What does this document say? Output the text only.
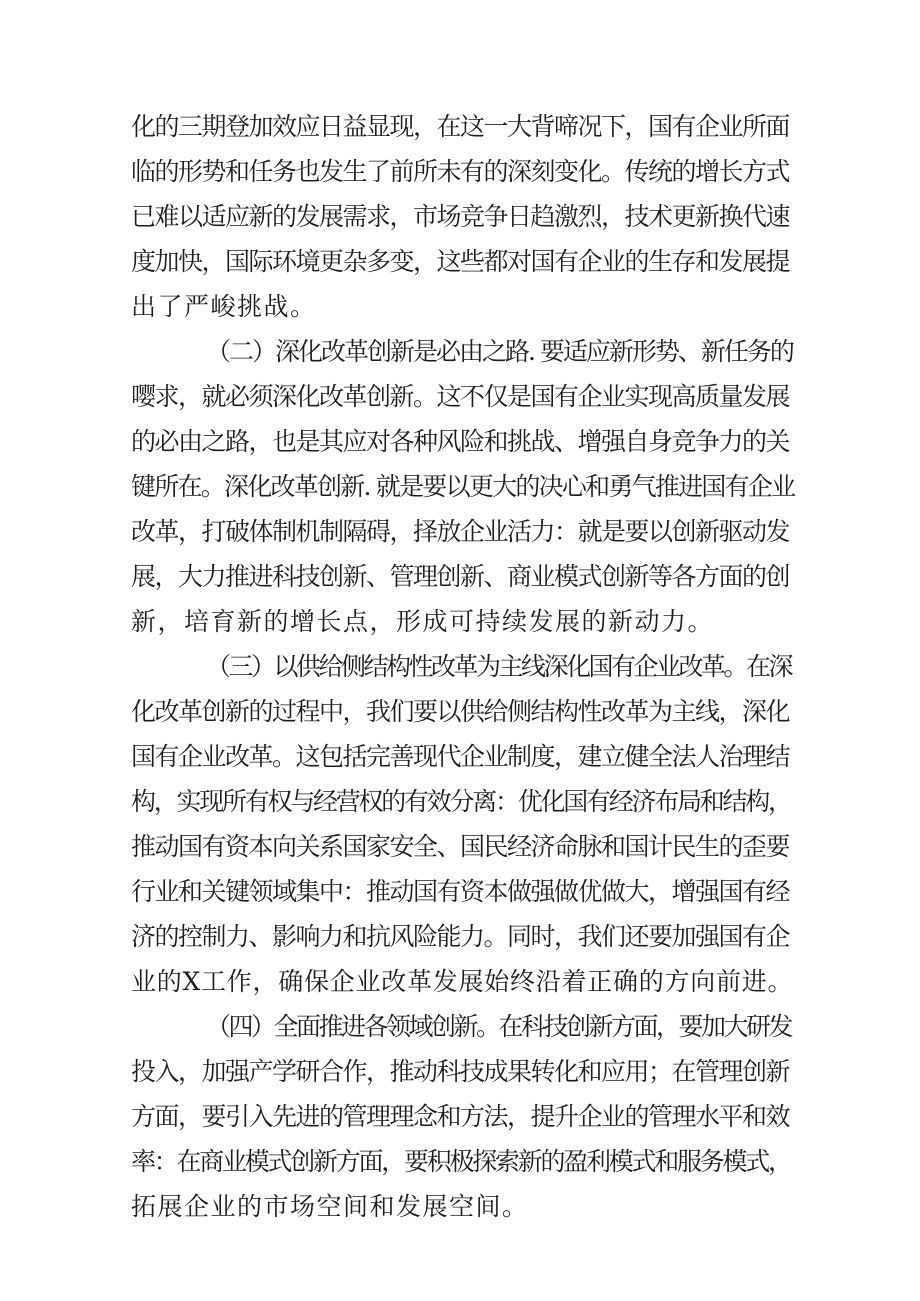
化的三期登加效应日益显现，在这一大背啼况下，国有企业所面
临的形势和任务也发生了前所未有的深刻变化。传统的增长方式
已难以适应新的发展需求，市场竞争日趋激烈，技术更新换代速
度加快，国际环境更杂多变，这些都对国有企业的生存和发展提
出了严峻挑战。

（二）深化改革创新是必由之路. 要适应新形势、新任务的
嘤求，就必须深化改革创新。这不仅是国有企业实现高质量发展
的必由之路，也是其应对各种风险和挑战、增强自身竞争力的关
键所在。深化改革创新. 就是要以更大的决心和勇气推进国有企业
改革，打破体制机制隔碍，择放企业活力：就是要以创新驱动发
展，大力推进科技创新、管理创新、商业模式创新等各方面的创
新，培育新的增长点，形成可持续发展的新动力。

（三）以供给侧结构性改革为主线深化国有企业改革。在深
化改革创新的过程中，我们要以供给侧结构性改革为主线，深化
国有企业改革。这包括完善现代企业制度，建立健全法人治理结
构，实现所有权与经营权的有效分离：优化国有经济布局和结构，
推动国有资本向关系国家安全、国民经济命脉和国计民生的歪要
行业和关键领域集中：推动国有资本做强做优做大，增强国有经
济的控制力、影响力和抗风险能力。同时，我们还要加强国有企
业的X工作，确保企业改革发展始终沿着正确的方向前进。

（四）全面推进各领域创新。在科技创新方面，要加大研发
投入，加强产学研合作，推动科技成果转化和应用；在管理创新
方面，要引入先进的管理理念和方法，提升企业的管理水平和效
率：在商业模式创新方面，要积极探索新的盈利模式和服务模式，
拓展企业的市场空间和发展空间。
